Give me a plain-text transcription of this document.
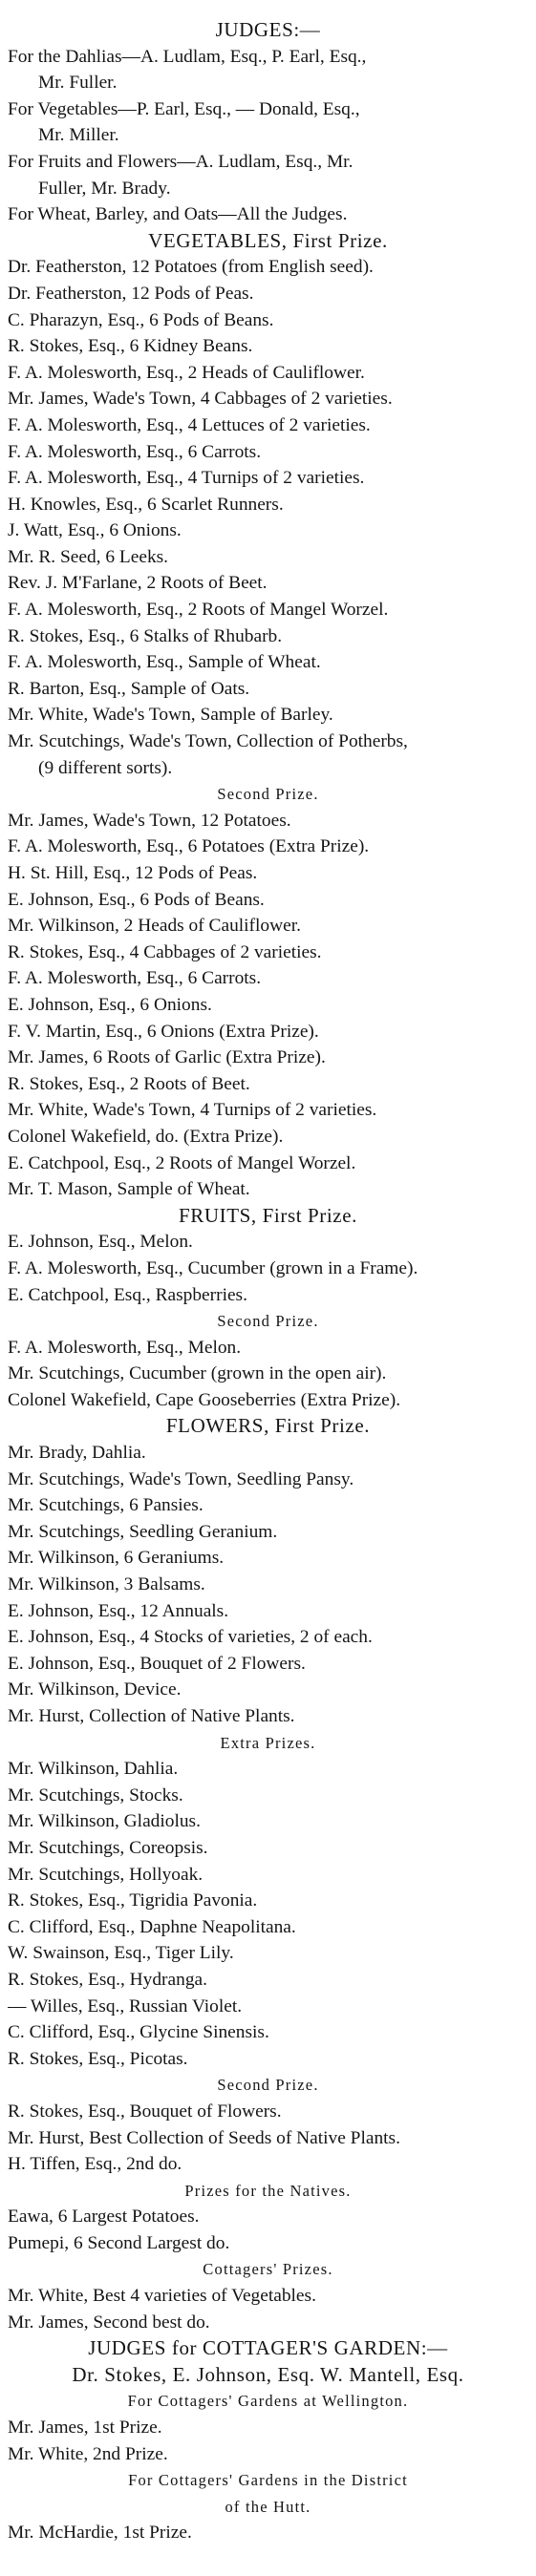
JUDGES:—
For the Dahlias—A. Ludlam, Esq., P. Earl, Esq.,
Mr. Fuller.
For Vegetables—P. Earl, Esq., — Donald, Esq.,
Mr. Miller.
For Fruits and Flowers—A. Ludlam, Esq., Mr.
Fuller, Mr. Brady.
For Wheat, Barley, and Oats—All the Judges.
VEGETABLES, First Prize.
Dr. Featherston, 12 Potatoes (from English seed).
Dr. Featherston, 12 Pods of Peas.
C. Pharazyn, Esq., 6 Pods of Beans.
R. Stokes, Esq., 6 Kidney Beans.
F. A. Molesworth, Esq., 2 Heads of Cauliflower.
Mr. James, Wade's Town, 4 Cabbages of 2 varieties.
F. A. Molesworth, Esq., 4 Lettuces of 2 varieties.
F. A. Molesworth, Esq., 6 Carrots.
F. A. Molesworth, Esq., 4 Turnips of 2 varieties.
H. Knowles, Esq., 6 Scarlet Runners.
J. Watt, Esq., 6 Onions.
Mr. R. Seed, 6 Leeks.
Rev. J. M'Farlane, 2 Roots of Beet.
F. A. Molesworth, Esq., 2 Roots of Mangel Worzel.
R. Stokes, Esq., 6 Stalks of Rhubarb.
F. A. Molesworth, Esq., Sample of Wheat.
R. Barton, Esq., Sample of Oats.
Mr. White, Wade's Town, Sample of Barley.
Mr. Scutchings, Wade's Town, Collection of Potherbs,
(9 different sorts).
Second Prize.
Mr. James, Wade's Town, 12 Potatoes.
F. A. Molesworth, Esq., 6 Potatoes (Extra Prize).
H. St. Hill, Esq., 12 Pods of Peas.
E. Johnson, Esq., 6 Pods of Beans.
Mr. Wilkinson, 2 Heads of Cauliflower.
R. Stokes, Esq., 4 Cabbages of 2 varieties.
F. A. Molesworth, Esq., 6 Carrots.
E. Johnson, Esq., 6 Onions.
F. V. Martin, Esq., 6 Onions (Extra Prize).
Mr. James, 6 Roots of Garlic (Extra Prize).
R. Stokes, Esq., 2 Roots of Beet.
Mr. White, Wade's Town, 4 Turnips of 2 varieties.
Colonel Wakefield, do. (Extra Prize).
E. Catchpool, Esq., 2 Roots of Mangel Worzel.
Mr. T. Mason, Sample of Wheat.
FRUITS, First Prize.
E. Johnson, Esq., Melon.
F. A. Molesworth, Esq., Cucumber (grown in a Frame).
E. Catchpool, Esq., Raspberries.
Second Prize.
F. A. Molesworth, Esq., Melon.
Mr. Scutchings, Cucumber (grown in the open air).
Colonel Wakefield, Cape Gooseberries (Extra Prize).
FLOWERS, First Prize.
Mr. Brady, Dahlia.
Mr. Scutchings, Wade's Town, Seedling Pansy.
Mr. Scutchings, 6 Pansies.
Mr. Scutchings, Seedling Geranium.
Mr. Wilkinson, 6 Geraniums.
Mr. Wilkinson, 3 Balsams.
E. Johnson, Esq., 12 Annuals.
E. Johnson, Esq., 4 Stocks of varieties, 2 of each.
E. Johnson, Esq., Bouquet of 2 Flowers.
Mr. Wilkinson, Device.
Mr. Hurst, Collection of Native Plants.
Extra Prizes.
Mr. Wilkinson, Dahlia.
Mr. Scutchings, Stocks.
Mr. Wilkinson, Gladiolus.
Mr. Scutchings, Coreopsis.
Mr. Scutchings, Hollyoak.
R. Stokes, Esq., Tigridia Pavonia.
C. Clifford, Esq., Daphne Neapolitana.
W. Swainson, Esq., Tiger Lily.
R. Stokes, Esq., Hydranga.
— Willes, Esq., Russian Violet.
C. Clifford, Esq., Glycine Sinensis.
R. Stokes, Esq., Picotas.
Second Prize.
R. Stokes, Esq., Bouquet of Flowers.
Mr. Hurst, Best Collection of Seeds of Native Plants.
H. Tiffen, Esq., 2nd do.
Prizes for the Natives.
Eawa, 6 Largest Potatoes.
Pumepi, 6 Second Largest do.
Cottagers' Prizes.
Mr. White, Best 4 varieties of Vegetables.
Mr. James, Second best do.
JUDGES for COTTAGER'S GARDEN:—
Dr. Stokes, E. Johnson, Esq. W. Mantell, Esq.
For Cottagers' Gardens at Wellington.
Mr. James, 1st Prize.
Mr. White, 2nd Prize.
For Cottagers' Gardens in the District
of the Hutt.
Mr. McHardie, 1st Prize.
